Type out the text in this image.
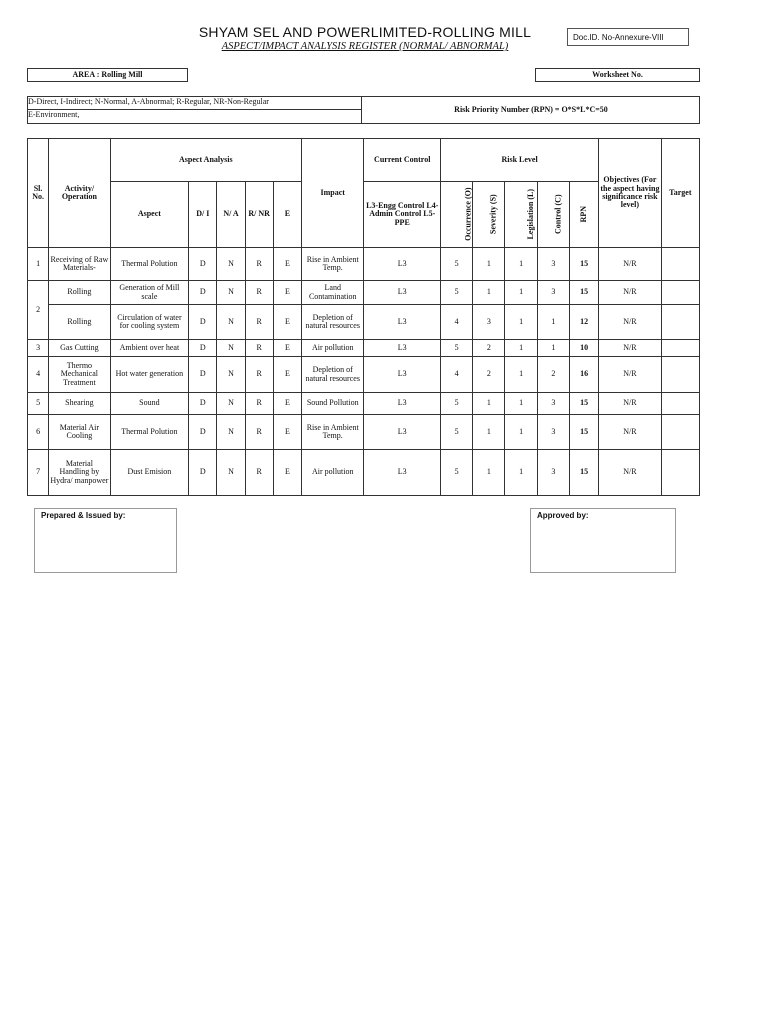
SHYAM SEL AND POWERLIMITED-ROLLING MILL
ASPECT/IMPACT ANALYSIS REGISTER (NORMAL/ ABNORMAL)
Doc.ID. No-Annexure-VIII
AREA : Rolling Mill	Worksheet No.
D-Direct, I-Indirect; N-Normal, A-Abnormal; R-Regular, NR-Non-Regular
E-Environment,
Risk Priority Number (RPN) = O*S*L*C=50
Sl. No.	Activity/ Operation	Aspect Analysis					Impact	Current Control	Risk Level					Objectives (For the aspect having significance risk level)	Target
		Aspect	D/ I	N/ A	R/ NR	E		L3-Engg Control L4-Admin Control L5-PPE	Occurrence (O)	Severity (S)	Legislation (L)	Control (C)	RPN		
1	Receiving of Raw Materials-	Thermal Polution	D	N	R	E	Rise in Ambient Temp.	L3	5	1	1	3	15	N/R	
2	Rolling	Generation of Mill scale	D	N	R	E	Land Contamination	L3	5	1	1	3	15	N/R	
	Rolling	Circulation of water for cooling system	D	N	R	E	Depletion of natural resources	L3	4	3	1	1	12	N/R	
3	Gas Cutting	Ambient over heat	D	N	R	E	Air pollution	L3	5	2	1	1	10	N/R	
4	Thermo Mechanical Treatment	Hot water generation	D	N	R	E	Depletion of natural resources	L3	4	2	1	2	16	N/R	
5	Shearing	Sound	D	N	R	E	Sound Pollution	L3	5	1	1	3	15	N/R	
6	Material Air Cooling	Thermal Polution	D	N	R	E	Rise in Ambient Temp.	L3	5	1	1	3	15	N/R	
7	Material Handling by Hydra/ manpower	Dust Emision	D	N	R	E	Air pollution	L3	5	1	1	3	15	N/R	
Prepared & Issued by:	Approved by:
